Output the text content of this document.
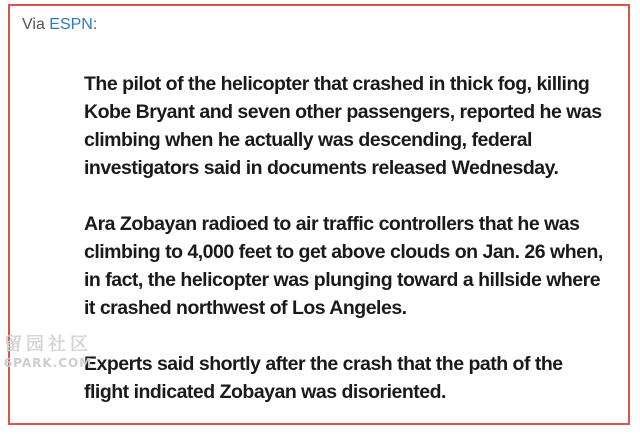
Via ESPN:

The pilot of the helicopter that crashed in thick fog, killing Kobe Bryant and seven other passengers, reported he was climbing when he actually was descending, federal investigators said in documents released Wednesday.

Ara Zobayan radioed to air traffic controllers that he was climbing to 4,000 feet to get above clouds on Jan. 26 when, in fact, the helicopter was plunging toward a hillside where it crashed northwest of Los Angeles.

Experts said shortly after the crash that the path of the flight indicated Zobayan was disoriented.

留园社区
6PARK.COM
